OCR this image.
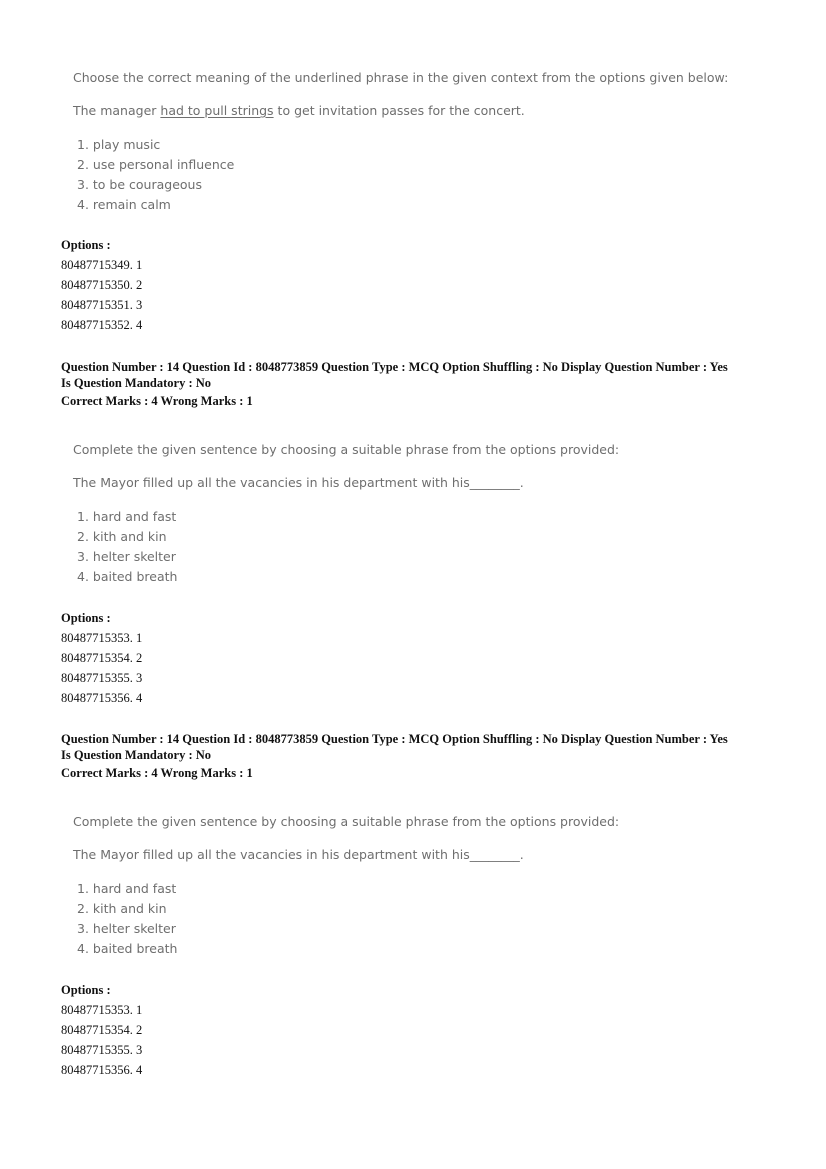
Choose the correct meaning of the underlined phrase in the given context from the options given below:

The manager had to pull strings to get invitation passes for the concert.

1. play music
2. use personal influence
3. to be courageous
4. remain calm
Options :
80487715349. 1
80487715350. 2
80487715351. 3
80487715352. 4
Question Number : 14 Question Id : 8048773859 Question Type : MCQ Option Shuffling : No Display Question Number : Yes
Is Question Mandatory : No
Correct Marks : 4 Wrong Marks : 1

Complete the given sentence by choosing a suitable phrase from the options provided:

The Mayor filled up all the vacancies in his department with his________.

1. hard and fast
2. kith and kin
3. helter skelter
4. baited breath
Options :
80487715353. 1
80487715354. 2
80487715355. 3
80487715356. 4
Question Number : 14 Question Id : 8048773859 Question Type : MCQ Option Shuffling : No Display Question Number : Yes
Is Question Mandatory : No
Correct Marks : 4 Wrong Marks : 1

Complete the given sentence by choosing a suitable phrase from the options provided:

The Mayor filled up all the vacancies in his department with his________.

1. hard and fast
2. kith and kin
3. helter skelter
4. baited breath
Options :
80487715353. 1
80487715354. 2
80487715355. 3
80487715356. 4
